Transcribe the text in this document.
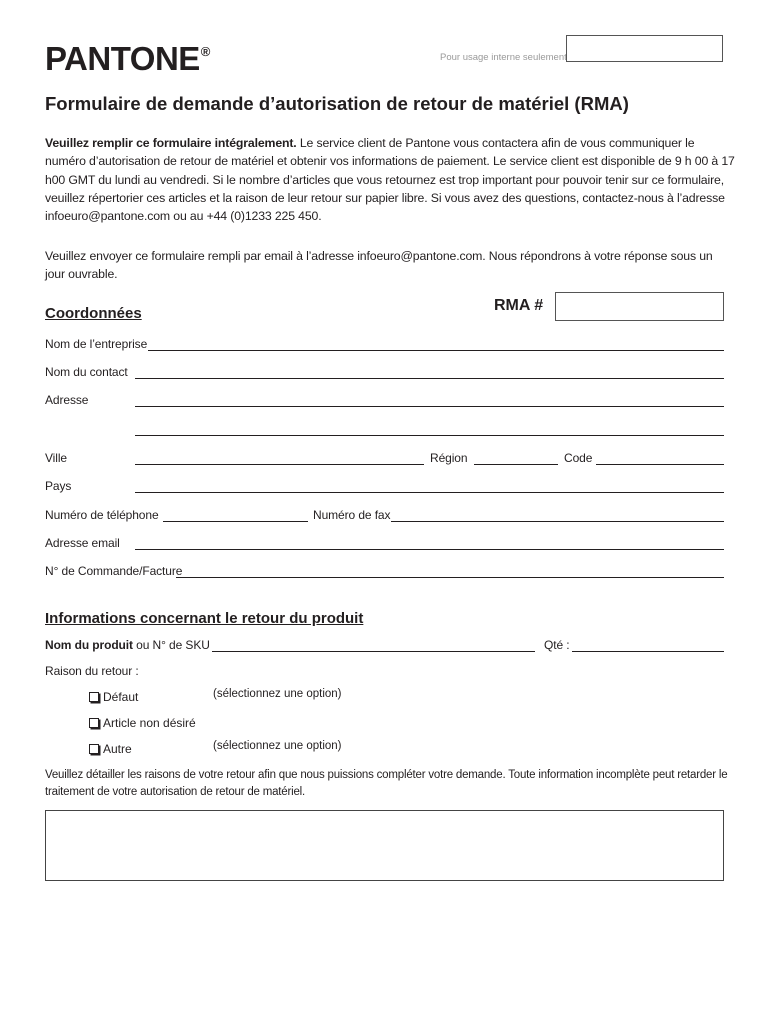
PANTONE®	Pour usage interne seulement
Formulaire de demande d’autorisation de retour de matériel (RMA)
Veuillez remplir ce formulaire intégralement. Le service client de Pantone vous contactera afin de vous communiquer le numéro d’autorisation de retour de matériel et obtenir vos informations de paiement. Le service client est disponible de 9 h 00 à 17 h00 GMT du lundi au vendredi. Si le nombre d’articles que vous retournez est trop important pour pouvoir tenir sur ce formulaire, veuillez répertorier ces articles et la raison de leur retour sur papier libre. Si vous avez des questions, contactez-nous à l’adresse infoeuro@pantone.com ou au +44 (0)1233 225 450.
Veuillez envoyer ce formulaire rempli par email à l’adresse infoeuro@pantone.com. Nous répondrons à votre réponse sous un jour ouvrable.
Coordonnées	RMA #
Nom de l’entreprise
Nom du contact
Adresse
Ville	Région	Code
Pays
Numéro de téléphone	Numéro de fax
Adresse email
N° de Commande/Facture
Informations concernant le retour du produit
Nom du produit ou N° de SKU	Qté :
Raison du retour :
Défaut	(sélectionnez une option)
Article non désiré
Autre	(sélectionnez une option)
Veuillez détailler les raisons de votre retour afin que nous puissions compléter votre demande. Toute information incomplète peut retarder le traitement de votre autorisation de retour de matériel.
